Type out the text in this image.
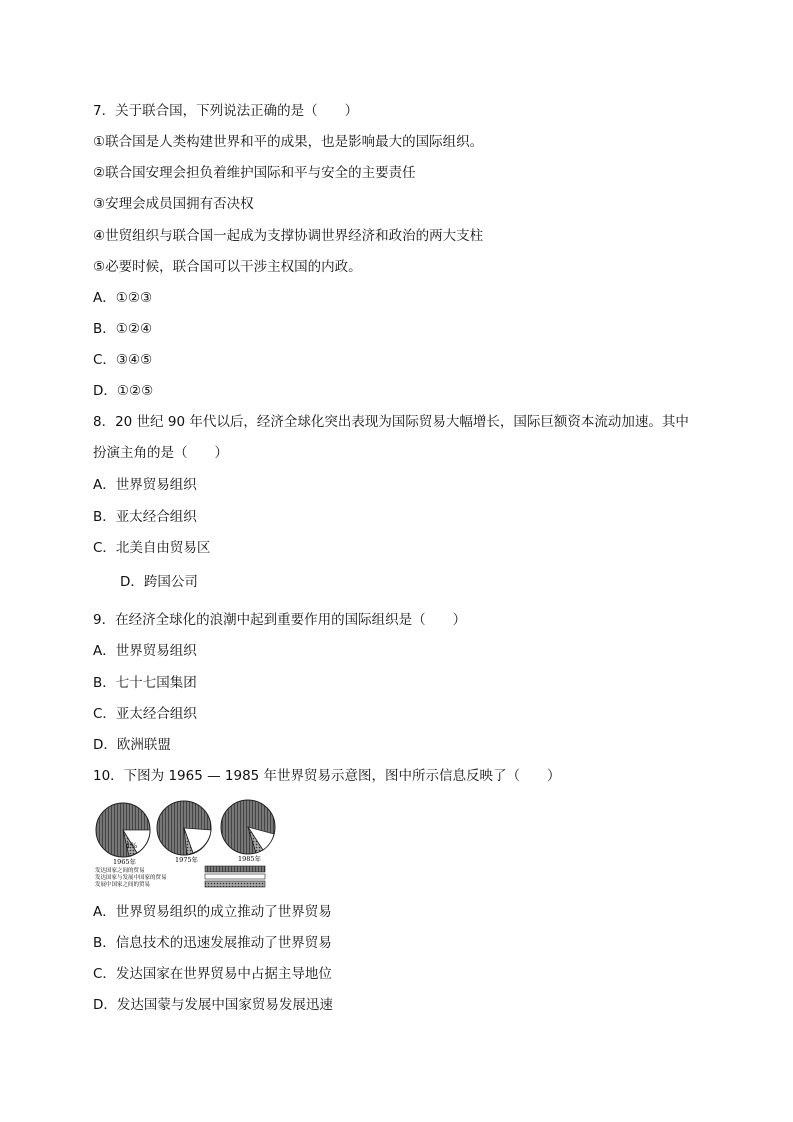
7．关于联合国，下列说法正确的是（　　）
①联合国是人类构建世界和平的成果，也是影响最大的国际组织。
②联合国安理会担负着维护国际和平与安全的主要责任
③安理会成员国拥有否决权
④世贸组织与联合国一起成为支撑协调世界经济和政治的两大支柱
⑤必要时候，联合国可以干涉主权国的内政。
A．①②③
B．①②④
C．③④⑤
D．①②⑤
8．20 世纪 90 年代以后，经济全球化突出表现为国际贸易大幅增长，国际巨额资本流动加速。其中
扮演主角的是（　　）
A．世界贸易组织
B．亚太经合组织
C．北美自由贸易区
D．跨国公司
9．在经济全球化的浪潮中起到重要作用的国际组织是（　　）
A．世界贸易组织
B．七十七国集团
C．亚太经合组织
D．欧洲联盟
10．下图为 1965 — 1985 年世界贸易示意图，图中所示信息反映了（　　）
1%
1965年	1975年	1985年
发达国家之间的贸易
发达国家与发展中国家的贸易
发展中国家之间的贸易
A．世界贸易组织的成立推动了世界贸易
B．信息技术的迅速发展推动了世界贸易
C．发达国家在世界贸易中占据主导地位
D．发达国蒙与发展中国家贸易发展迅速
